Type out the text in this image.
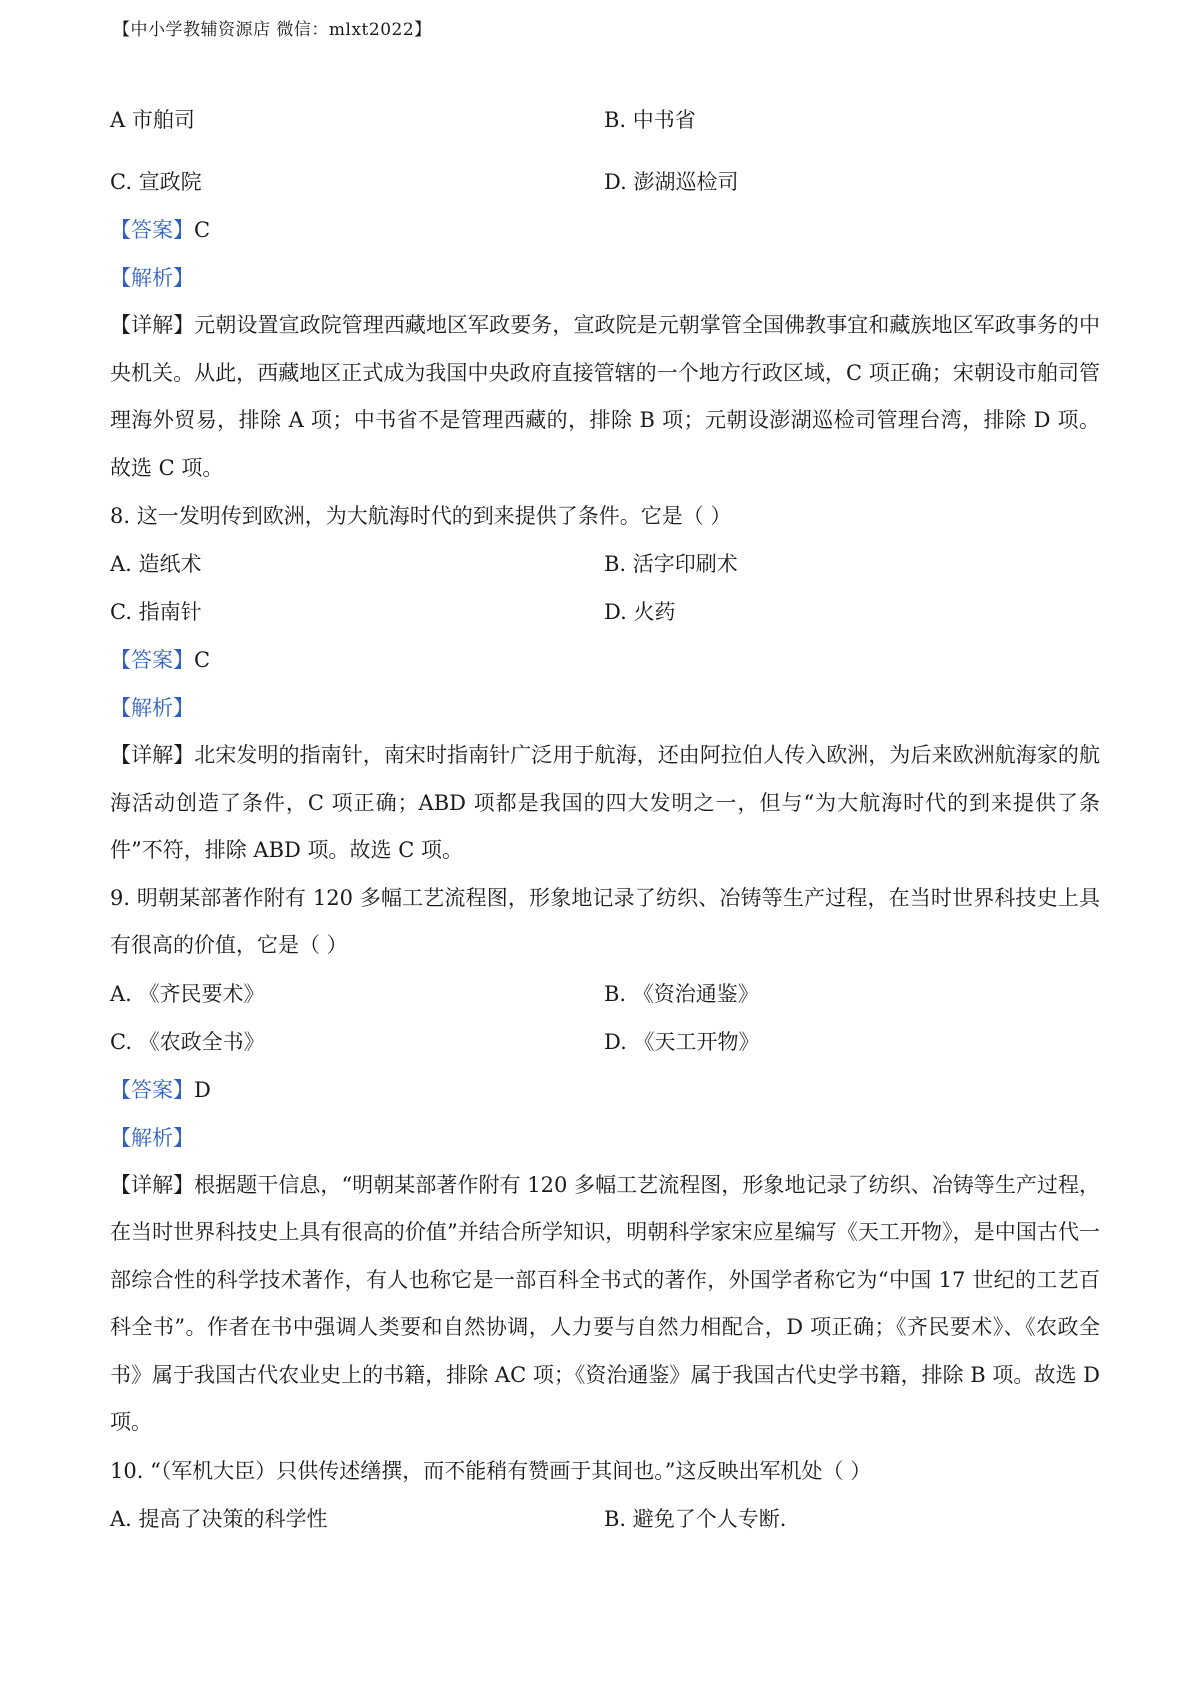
【中小学教辅资源店 微信：mlxt2022】
A 市舶司	B. 中书省
C. 宣政院	D. 澎湖巡检司
【答案】C
【解析】
【详解】元朝设置宣政院管理西藏地区军政要务，宣政院是元朝掌管全国佛教事宜和藏族地区军政事务的中央机关。从此，西藏地区正式成为我国中央政府直接管辖的一个地方行政区域，C 项正确；宋朝设市舶司管理海外贸易，排除 A 项；中书省不是管理西藏的，排除 B 项；元朝设澎湖巡检司管理台湾，排除 D 项。故选 C 项。
8. 这一发明传到欧洲，为大航海时代的到来提供了条件。它是（ ）
A. 造纸术	B. 活字印刷术
C. 指南针	D. 火药
【答案】C
【解析】
【详解】北宋发明的指南针，南宋时指南针广泛用于航海，还由阿拉伯人传入欧洲，为后来欧洲航海家的航海活动创造了条件，C 项正确；ABD 项都是我国的四大发明之一，但与“为大航海时代的到来提供了条件”不符，排除 ABD 项。故选 C 项。
9. 明朝某部著作附有 120 多幅工艺流程图，形象地记录了纺织、冶铸等生产过程，在当时世界科技史上具有很高的价值，它是（ ）
A. 《齐民要术》	B. 《资治通鉴》
C. 《农政全书》	D. 《天工开物》
【答案】D
【解析】
【详解】根据题干信息，“明朝某部著作附有 120 多幅工艺流程图，形象地记录了纺织、冶铸等生产过程，在当时世界科技史上具有很高的价值”并结合所学知识，明朝科学家宋应星编写《天工开物》，是中国古代一部综合性的科学技术著作，有人也称它是一部百科全书式的著作，外国学者称它为“中国 17 世纪的工艺百科全书”。作者在书中强调人类要和自然协调，人力要与自然力相配合，D 项正确；《齐民要术》、《农政全书》属于我国古代农业史上的书籍，排除 AC 项；《资治通鉴》属于我国古代史学书籍，排除 B 项。故选 D 项。
10. “（军机大臣）只供传述缮撰，而不能稍有赞画于其间也。”这反映出军机处（ ）
A. 提高了决策的科学性	B. 避免了个人专断.
